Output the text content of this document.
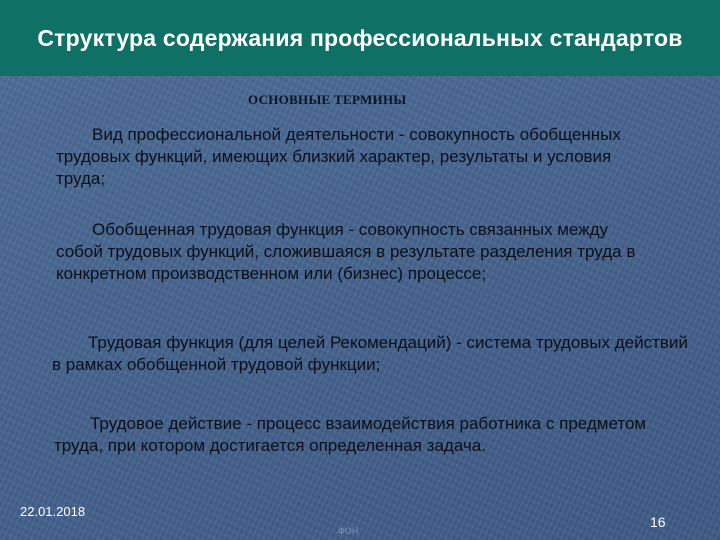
Структура содержания профессиональных стандартов
ОСНОВНЫЕ ТЕРМИНЫ

Вид профессиональной деятельности - совокупность обобщенных трудовых функций, имеющих близкий характер, результаты и условия труда;

Обобщенная трудовая функция - совокупность связанных между собой трудовых функций, сложившаяся в результате разделения труда в конкретном производственном или (бизнес) процессе;

Трудовая функция (для целей Рекомендаций) - система трудовых действий в рамках обобщенной трудовой функции;

Трудовое действие - процесс взаимодействия работника с предметом труда, при котором достигается определенная задача.

22.01.2018
ФОН
16
